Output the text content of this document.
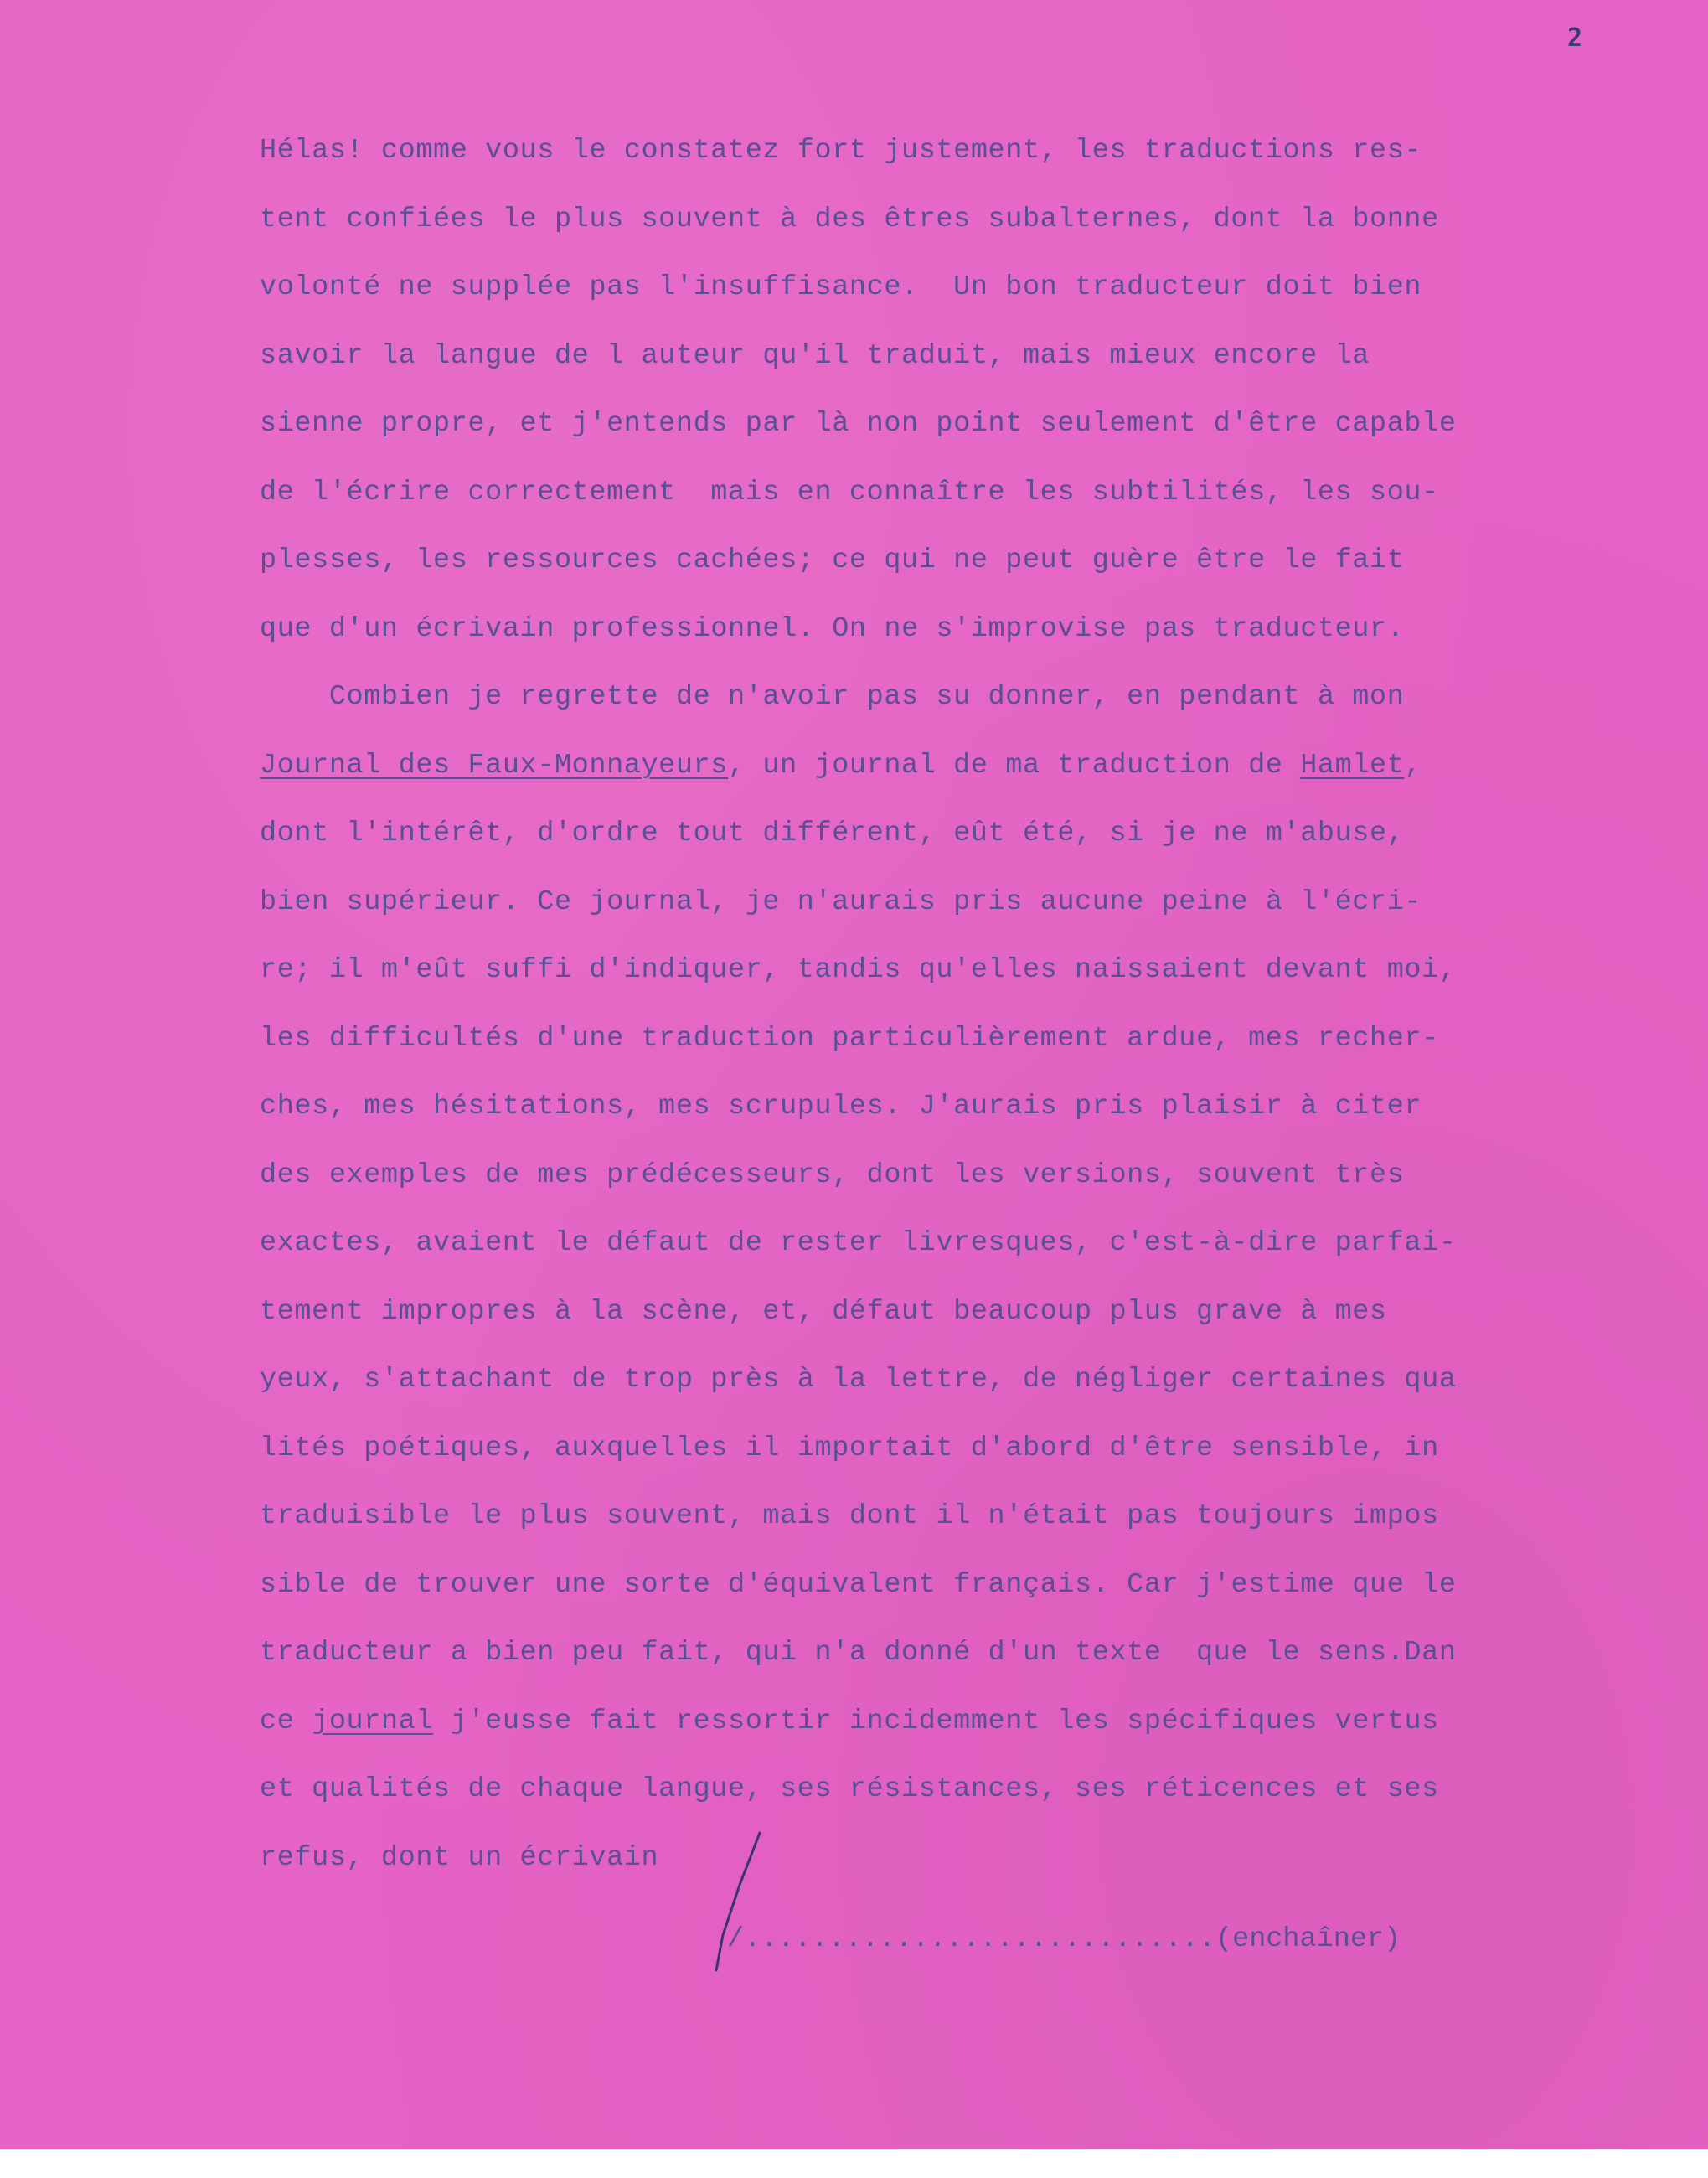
2
Hélas! comme vous le constatez fort justement, les traductions res-
tent confiées le plus souvent à des êtres subalternes, dont la bonne
volonté ne supplée pas l'insuffisance.  Un bon traducteur doit bien
savoir la langue de l auteur qu'il traduit, mais mieux encore la
sienne propre, et j'entends par là non point seulement d'être capable
de l'écrire correctement  mais en connaître les subtilités, les sou-
plesses, les ressources cachées; ce qui ne peut guère être le fait
que d'un écrivain professionnel. On ne s'improvise pas traducteur.
Combien je regrette de n'avoir pas su donner, en pendant à mon
Journal des Faux-Monnayeurs, un journal de ma traduction de Hamlet,
dont l'intérêt, d'ordre tout différent, eût été, si je ne m'abuse,
bien supérieur. Ce journal, je n'aurais pris aucune peine à l'écri-
re; il m'eût suffi d'indiquer, tandis qu'elles naissaient devant moi,
les difficultés d'une traduction particulièrement ardue, mes recher-
ches, mes hésitations, mes scrupules. J'aurais pris plaisir à citer
des exemples de mes prédécesseurs, dont les versions, souvent très
exactes, avaient le défaut de rester livresques, c'est-à-dire parfai-
tement impropres à la scène, et, défaut beaucoup plus grave à mes
yeux, s'attachant de trop près à la lettre, de négliger certaines qua
lités poétiques, auxquelles il importait d'abord d'être sensible, in
traduisible le plus souvent, mais dont il n'était pas toujours impos
sible de trouver une sorte d'équivalent français. Car j'estime que le
traducteur a bien peu fait, qui n'a donné d'un texte  que le sens.Dan
ce journal j'eusse fait ressortir incidemment les spécifiques vertus
et qualités de chaque langue, ses résistances, ses réticences et ses
refus, dont un écrivain
/............................(enchaîner)
